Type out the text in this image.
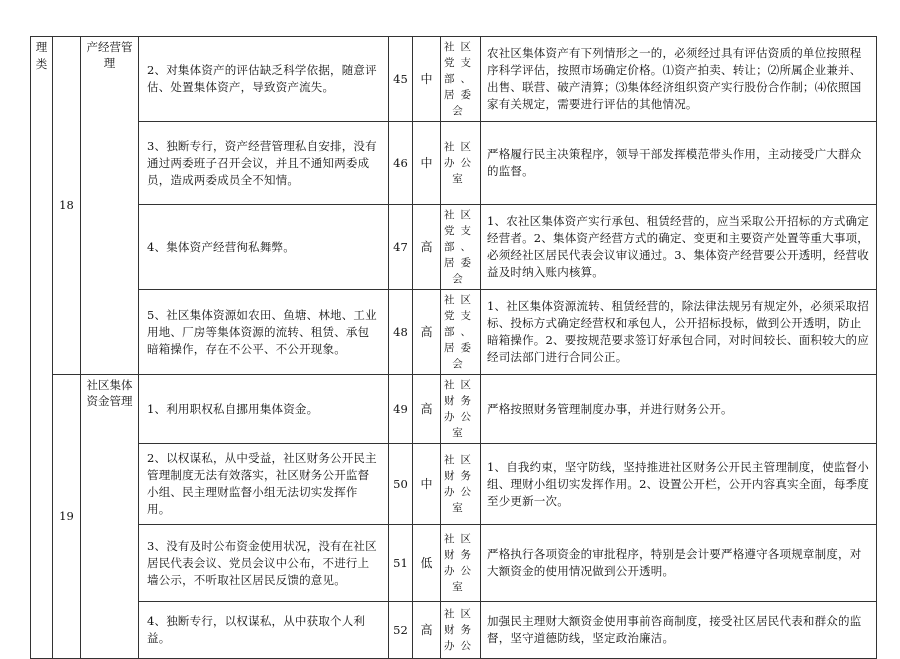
理类	18	产经营管理	2、对集体资产的评估缺乏科学依据，随意评估、处置集体资产，导致资产流失。	45	中	社区党支部、居委会	农社区集体资产有下列情形之一的，必须经过具有评估资质的单位按照程序科学评估，按照市场确定价格。⑴资产拍卖、转让；⑵所属企业兼并、出售、联营、破产清算；⑶集体经济组织资产实行股份合作制；⑷依照国家有关规定，需要进行评估的其他情况。
			3、独断专行，资产经营管理私自安排，没有通过两委班子召开会议，并且不通知两委成员，造成两委成员全不知情。	46	中	社区办公室	严格履行民主决策程序，领导干部发挥模范带头作用，主动接受广大群众的监督。
			4、集体资产经营徇私舞弊。	47	高	社区党支部、居委会	1、农社区集体资产实行承包、租赁经营的，应当采取公开招标的方式确定经营者。2、集体资产经营方式的确定、变更和主要资产处置等重大事项，必须经社区居民代表会议审议通过。3、集体资产经营要公开透明，经营收益及时纳入账内核算。
			5、社区集体资源如农田、鱼塘、林地、工业用地、厂房等集体资源的流转、租赁、承包暗箱操作，存在不公平、不公开现象。	48	高	社区党支部、居委会	1、社区集体资源流转、租赁经营的，除法律法规另有规定外，必须采取招标、投标方式确定经营权和承包人，公开招标投标，做到公开透明，防止暗箱操作。2、要按规范要求签订好承包合同，对时间较长、面积较大的应经司法部门进行合同公正。
	19	社区集体资金管理	1、利用职权私自挪用集体资金。	49	高	社区财务办公室	严格按照财务管理制度办事，并进行财务公开。
			2、以权谋私，从中受益，社区财务公开民主管理制度无法有效落实，社区财务公开监督小组、民主理财监督小组无法切实发挥作用。	50	中	社区财务办公室	1、自我约束，坚守防线，坚持推进社区财务公开民主管理制度，使监督小组、理财小组切实发挥作用。2、设置公开栏，公开内容真实全面，每季度至少更新一次。
			3、没有及时公布资金使用状况，没有在社区居民代表会议、党员会议中公布，不进行上墙公示，不听取社区居民反馈的意见。	51	低	社区财务办公室	严格执行各项资金的审批程序，特别是会计要严格遵守各项规章制度，对大额资金的使用情况做到公开透明。
			4、独断专行，以权谋私，从中获取个人利益。	52	高	社区财务办公	加强民主理财大额资金使用事前咨商制度，接受社区居民代表和群众的监督，坚守道德防线，坚定政治廉洁。
